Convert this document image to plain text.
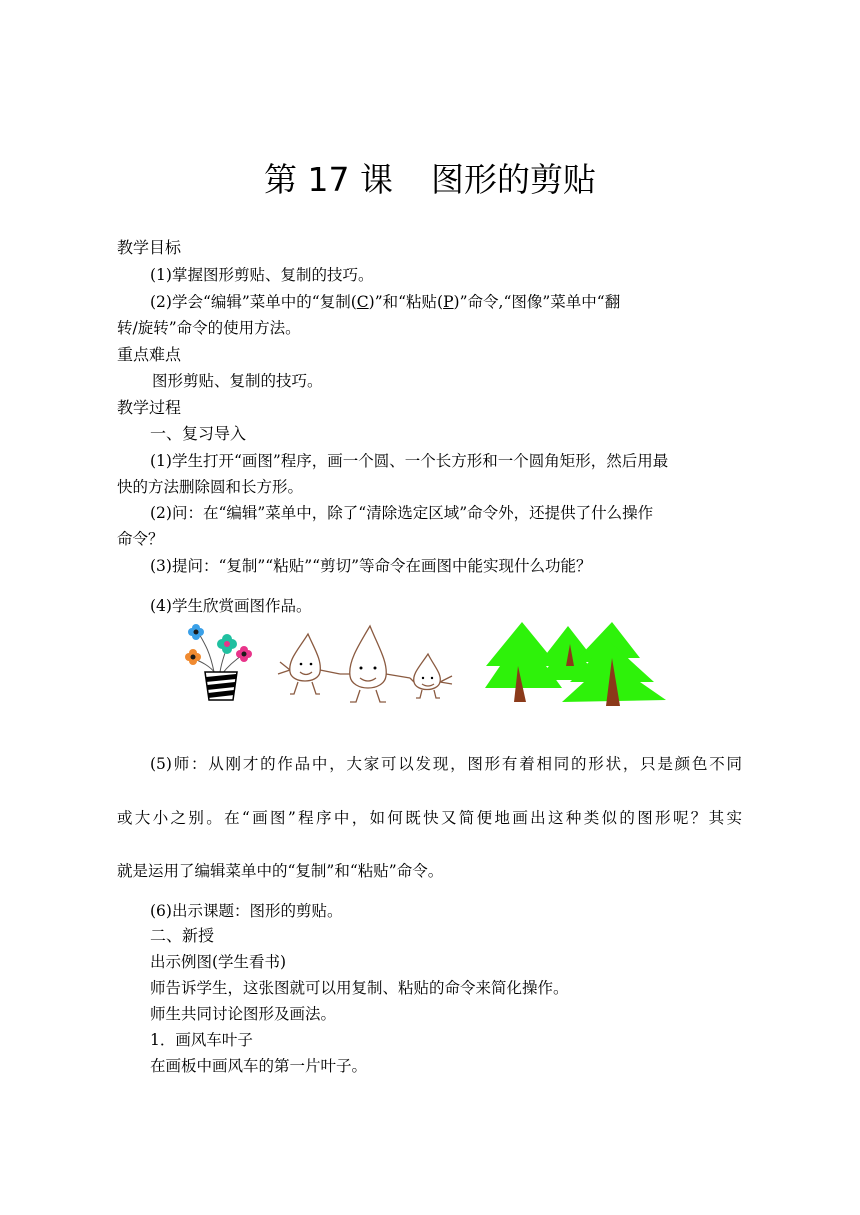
第 17 课 图形的剪贴
教学目标
(1)掌握图形剪贴、复制的技巧。
(2)学会“编辑”菜单中的“复制(C)”和“粘贴(P)”命令,“图像”菜单中“翻
转/旋转”命令的使用方法。
重点难点
图形剪贴、复制的技巧。
教学过程
一、复习导入
(1)学生打开“画图”程序，画一个圆、一个长方形和一个圆角矩形，然后用最
快的方法删除圆和长方形。
(2)问：在“编辑”菜单中，除了“清除选定区域”命令外，还提供了什么操作
命令？
(3)提问：“复制”“粘贴”“剪切”等命令在画图中能实现什么功能？
(4)学生欣赏画图作品。
(5)师：从刚才的作品中，大家可以发现，图形有着相同的形状，只是颜色不同
或大小之别。在“画图”程序中，如何既快又简便地画出这种类似的图形呢？其实
就是运用了编辑菜单中的“复制”和“粘贴”命令。
(6)出示课题：图形的剪贴。
二、新授
出示例图(学生看书)
师告诉学生，这张图就可以用复制、粘贴的命令来简化操作。
师生共同讨论图形及画法。
1．画风车叶子
在画板中画风车的第一片叶子。
